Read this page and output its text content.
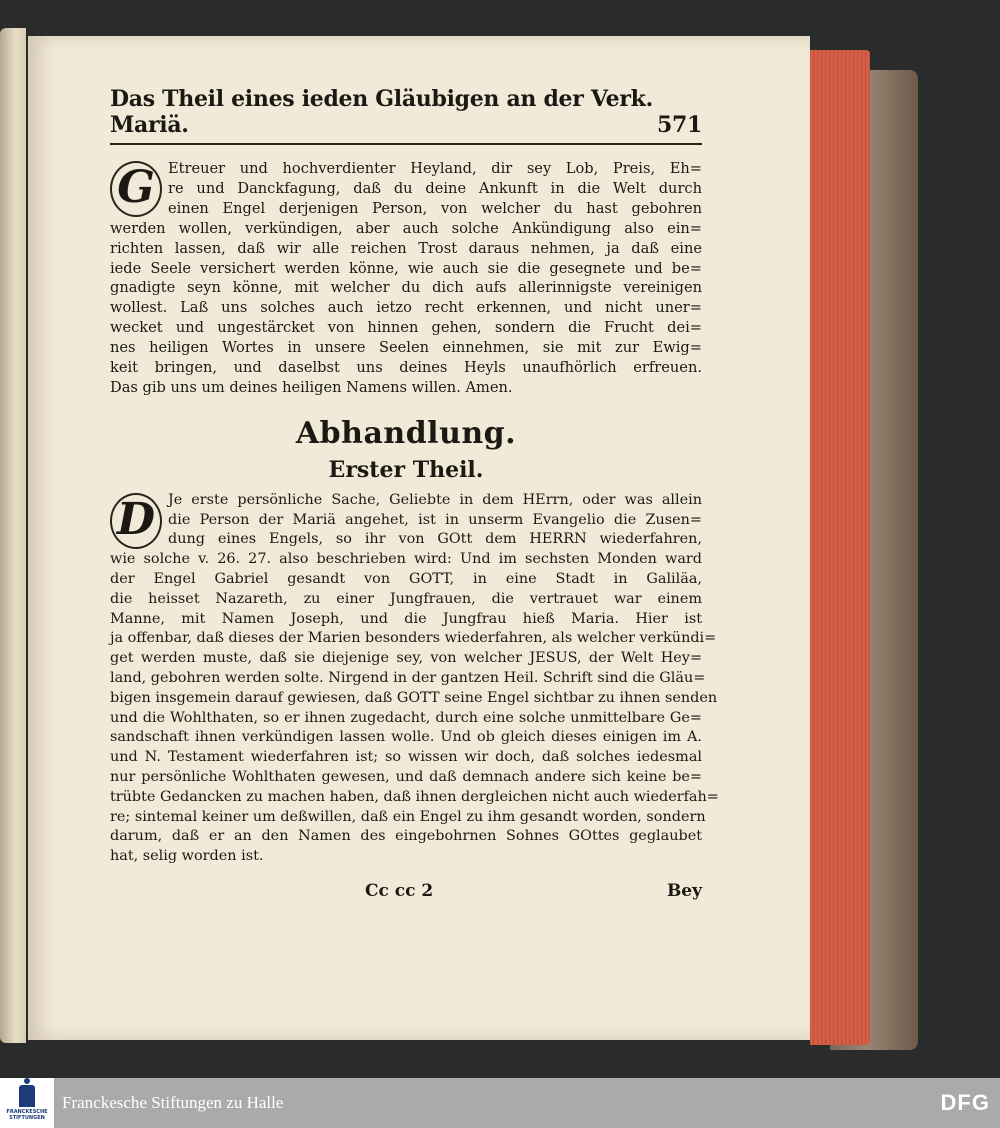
Das Theil eines ieden Gläubigen an der Verk. Mariä.	571
G Etreuer und hochverdienter Heyland, dir sey Lob, Preis, Eh=
re und Danckfagung, daß du deine Ankunft in die Welt durch
einen Engel derjenigen Person, von welcher du hast gebohren
werden wollen, verkündigen, aber auch solche Ankündigung also ein=
richten lassen, daß wir alle reichen Trost daraus nehmen, ja daß eine
iede Seele versichert werden könne, wie auch sie die gesegnete und be=
gnadigte seyn könne, mit welcher du dich aufs allerinnigste vereinigen
wollest. Laß uns solches auch ietzo recht erkennen, und nicht uner=
wecket und ungestärcket von hinnen gehen, sondern die Frucht dei=
nes heiligen Wortes in unsere Seelen einnehmen, sie mit zur Ewig=
keit bringen, und daselbst uns deines Heyls unaufhörlich erfreuen.
Das gib uns um deines heiligen Namens willen. Amen.
Abhandlung.
Erster Theil.
D Je erste persönliche Sache, Geliebte in dem HErrn, oder was allein
die Person der Mariä angehet, ist in unserm Evangelio die Zusen=
dung eines Engels, so ihr von GOtt dem HERRN wiederfahren,
wie solche v. 26. 27. also beschrieben wird: Und im sechsten Monden ward
der Engel Gabriel gesandt von GOTT, in eine Stadt in Galiläa,
die heisset Nazareth, zu einer Jungfrauen, die vertrauet war einem
Manne, mit Namen Joseph, und die Jungfrau hieß Maria. Hier ist
ja offenbar, daß dieses der Marien besonders wiederfahren, als welcher verkündi=
get werden muste, daß sie diejenige sey, von welcher JESUS, der Welt Hey=
land, gebohren werden solte. Nirgend in der gantzen Heil. Schrift sind die Gläu=
bigen insgemein darauf gewiesen, daß GOTT seine Engel sichtbar zu ihnen senden
und die Wohlthaten, so er ihnen zugedacht, durch eine solche unmittelbare Ge=
sandschaft ihnen verkündigen lassen wolle. Und ob gleich dieses einigen im A.
und N. Testament wiederfahren ist; so wissen wir doch, daß solches iedesmal
nur persönliche Wohlthaten gewesen, und daß demnach andere sich keine be=
trübte Gedancken zu machen haben, daß ihnen dergleichen nicht auch wiederfah=
re; sintemal keiner um deßwillen, daß ein Engel zu ihm gesandt worden, sondern
darum, daß er an den Namen des eingebohrnen Sohnes GOttes geglaubet
hat, selig worden ist.
Cc cc 2	Bey
FRANCKESCHE
STIFTUNGEN
Franckesche Stiftungen zu Halle	DFG
